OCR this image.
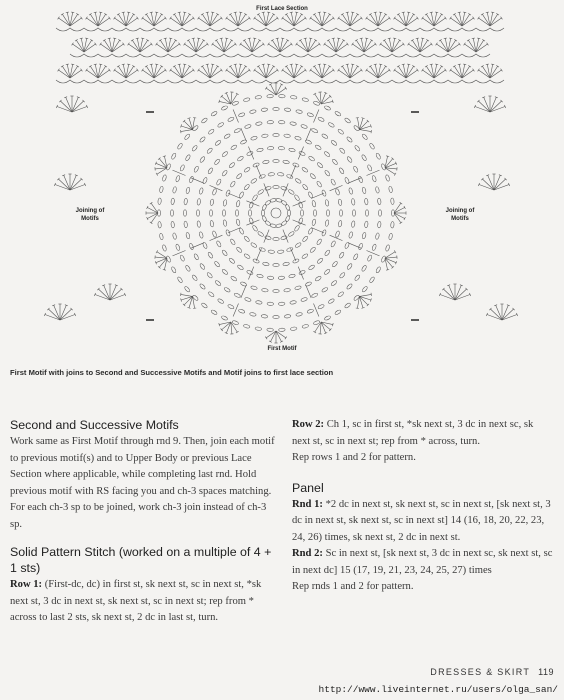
First Lace Section
First Motif
Joining of Motifs
Joining of Motifs
First Motif with joins to Second and Successive Motifs and Motif joins to first lace section
Second and Successive Motifs

Work same as First Motif through rnd 9. Then, join each motif to previous motif(s) and to Upper Body or previous Lace Section where applicable, while completing last rnd. Hold previous motif with RS facing you and ch-3 spaces matching. For each ch-3 sp to be joined, work ch-3 join instead of ch-3 sp.

Solid Pattern Stitch (worked on a multiple of 4 + 1 sts)

Row 1: (First-dc, dc) in first st, sk next st, sc in next st, *sk next st, 3 dc in next st, sk next st, sc in next st; rep from * across to last 2 sts, sk next st, 2 dc in last st, turn.

Row 2: Ch 1, sc in first st, *sk next st, 3 dc in next sc, sk next st, sc in next st; rep from * across, turn.

Rep rows 1 and 2 for pattern.

Panel

Rnd 1: *2 dc in next st, sk next st, sc in next st, [sk next st, 3 dc in next st, sk next st, sc in next st] 14 (16, 18, 20, 22, 23, 24, 26) times, sk next st, 2 dc in next st.

Rnd 2: Sc in next st, [sk next st, 3 dc in next sc, sk next st, sc in next dc] 15 (17, 19, 21, 23, 24, 25, 27) times

Rep rnds 1 and 2 for pattern.

DRESSES & SKIRT 119
http://www.liveinternet.ru/users/olga_san/
